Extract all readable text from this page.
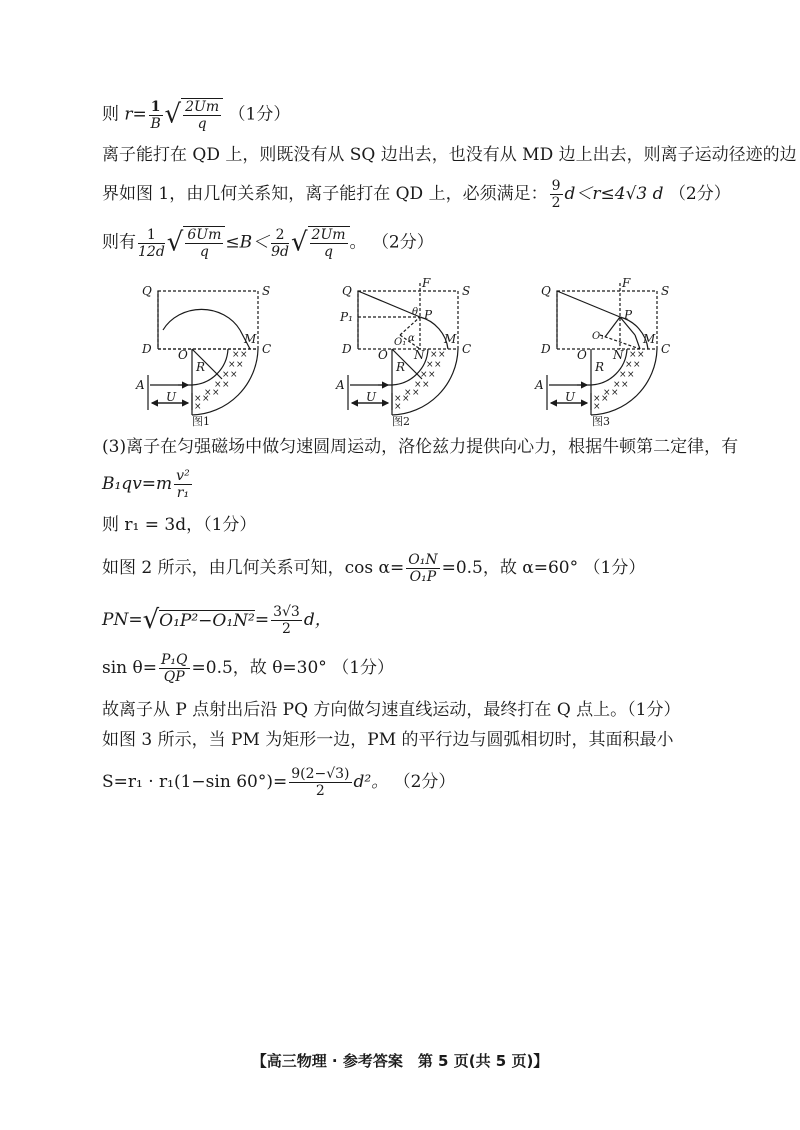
则 $r= \frac{1}{B}$ √ $\frac{2Um}{q} (1$分）
离子能打在 QD 上，则既没有从 SQ 边出去，也没有从 MD 边上出去，则离子运动径迹的边
界如图 1，由几何关系知，离子能打在 QD 上，必须满足： $\frac{9}{2} d<r\le 4√3$ d （2分）
则有 $\frac{1}{12d}$ √ $\frac{6Um}{q} \le B< \frac{2}{9d}$ √ $\frac{2Um}{q}$ 。 （2分）
× ×
× ×
× ×
× ×
× ×
× ×
×
Q	S
D O
M
C
R
A
U
图1
× ×
× ×
× ×
× ×
× ×
× ×
×
Q
F
S
P₁	P
O₁
θ
α
D O N
M
C
R
A
U
图2
× ×
× ×
× ×
× ×
× ×
× ×
×
Q
F
S
P
O₁
D O N
M
C
R
A
U
图3
(3)离子在匀强磁场中做匀速圆周运动，洛伦兹力提供向心力，根据牛顿第二定律，有
$B_1qv=m \frac{\text{v²}}{\text{r₁}}$
则 r₁ = 3d，（1分）
如图 2 所示，由几何关系可知，$\cos \alpha= \frac{\text{O₁N}}{\text{O₁P}} =0.5$，故 α=60° （1分）
$PN=√O_1P^2-O_1N^2= \frac{3√3}{2}$ d，
$\sin \theta= \frac{\text{P₁Q}}{QP} =0.5$，故 θ=30° （1分）
故离子从 P 点射出后沿 PQ 方向做匀速直线运动，最终打在 Q 点上。（1分）
如图 3 所示，当 PM 为矩形一边，PM 的平行边与圆弧相切时，其面积最小
S=r₁ · r₁(1−sin $60^\circ)= \frac{9(2-√3)}{2} d^2$。 （2分）
【高三物理 · 参考答案　第 5 页(共 5 页)】
